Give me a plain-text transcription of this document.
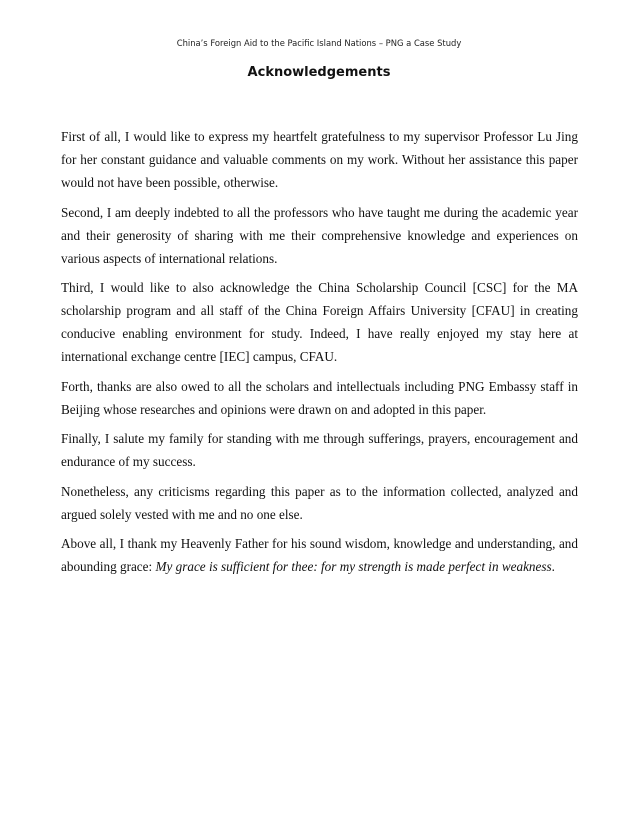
China’s Foreign Aid to the Pacific Island Nations – PNG a Case Study
Acknowledgements

First of all, I would like to express my heartfelt gratefulness to my supervisor Professor Lu Jing for her constant guidance and valuable comments on my work. Without her assistance this paper would not have been possible, otherwise.

Second, I am deeply indebted to all the professors who have taught me during the academic year and their generosity of sharing with me their comprehensive knowledge and experiences on various aspects of international relations.

Third, I would like to also acknowledge the China Scholarship Council [CSC] for the MA scholarship program and all staff of the China Foreign Affairs University [CFAU] in creating conducive enabling environment for study. Indeed, I have really enjoyed my stay here at international exchange centre [IEC] campus, CFAU.

Forth, thanks are also owed to all the scholars and intellectuals including PNG Embassy staff in Beijing whose researches and opinions were drawn on and adopted in this paper.

Finally, I salute my family for standing with me through sufferings, prayers, encouragement and endurance of my success.

Nonetheless, any criticisms regarding this paper as to the information collected, analyzed and argued solely vested with me and no one else.

Above all, I thank my Heavenly Father for his sound wisdom, knowledge and understanding, and abounding grace: My grace is sufficient for thee: for my strength is made perfect in weakness.
